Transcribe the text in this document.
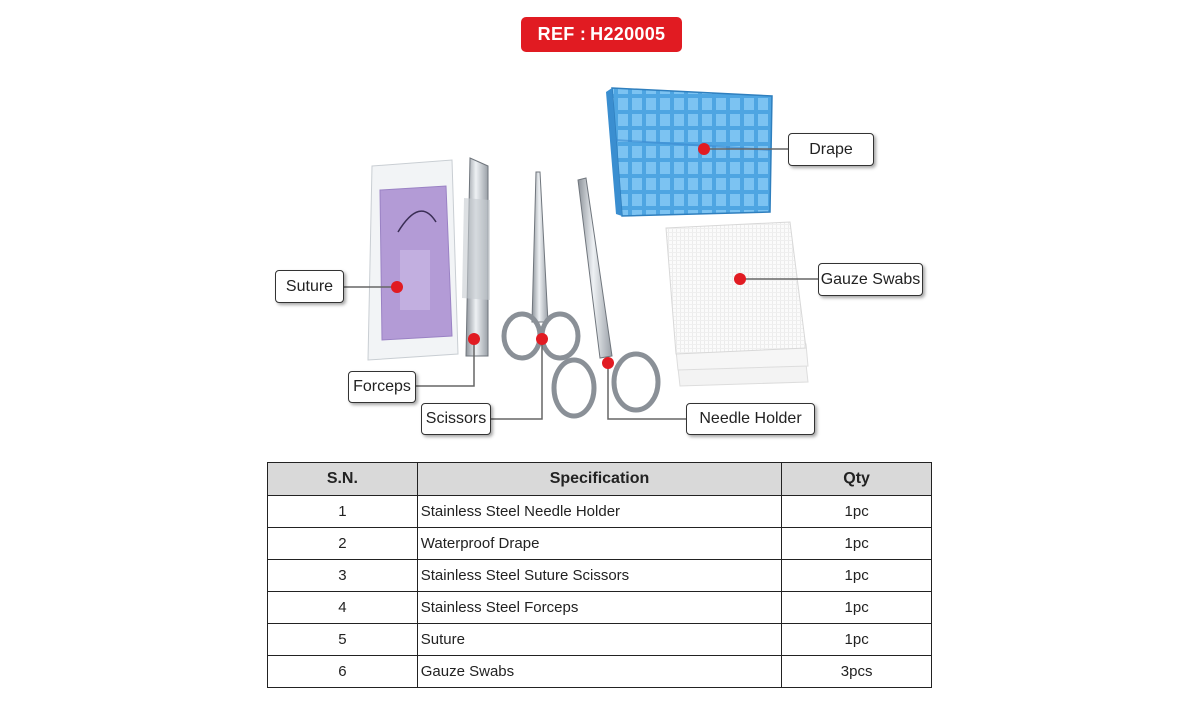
REF : H220005
Drape
Gauze Swabs
Suture
Forceps
Scissors	Needle Holder
S.N.	Specification	Qty
1	Stainless Steel Needle Holder	1pc
2	Waterproof Drape	1pc
3	Stainless Steel Suture Scissors	1pc
4	Stainless Steel Forceps	1pc
5	Suture	1pc
6	Gauze Swabs	3pcs
